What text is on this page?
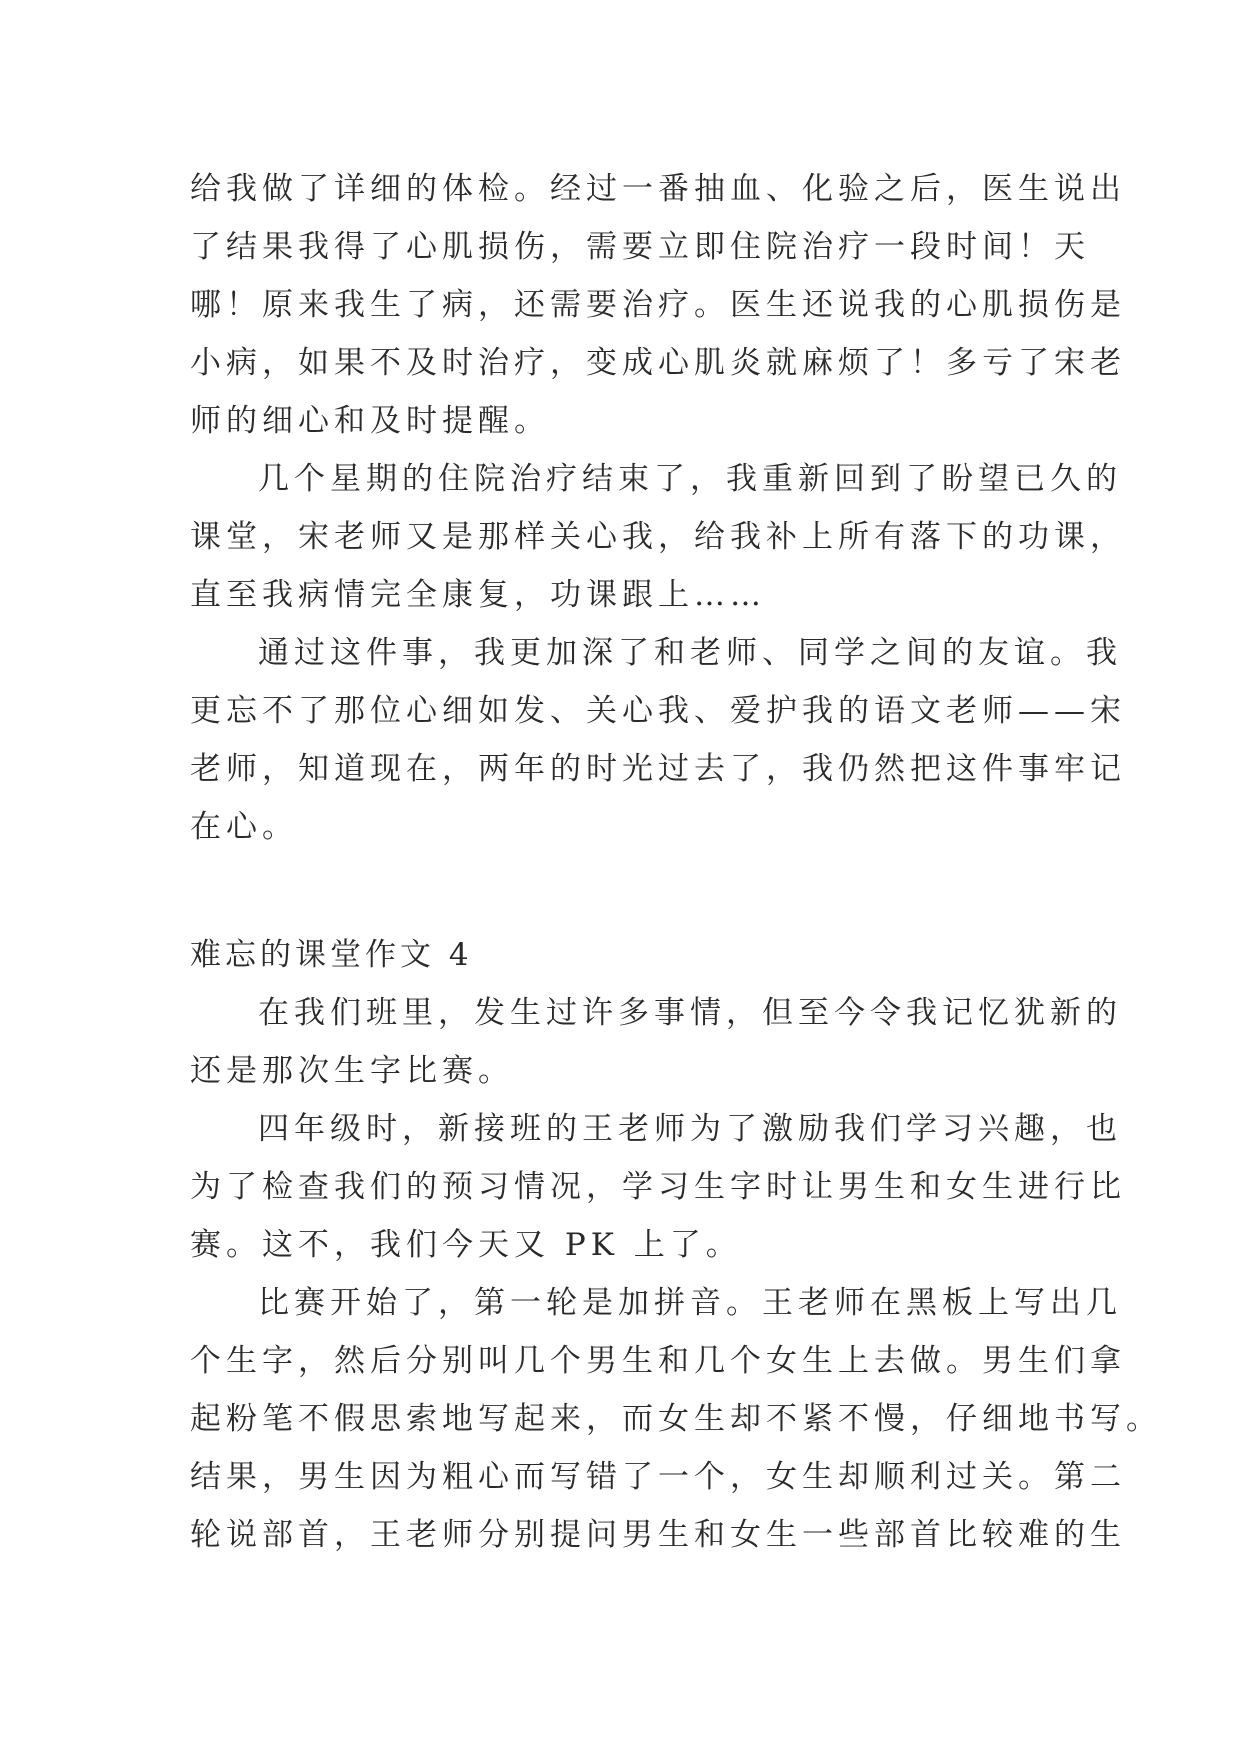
给我做了详细的体检。经过一番抽血、化验之后，医生说出
了结果我得了心肌损伤，需要立即住院治疗一段时间！天
哪！原来我生了病，还需要治疗。医生还说我的心肌损伤是
小病，如果不及时治疗，变成心肌炎就麻烦了！多亏了宋老
师的细心和及时提醒。
几个星期的住院治疗结束了，我重新回到了盼望已久的
课堂，宋老师又是那样关心我，给我补上所有落下的功课，
直至我病情完全康复，功课跟上……
通过这件事，我更加深了和老师、同学之间的友谊。我
更忘不了那位心细如发、关心我、爱护我的语文老师——宋
老师，知道现在，两年的时光过去了，我仍然把这件事牢记
在心。
难忘的课堂作文 4
在我们班里，发生过许多事情，但至今令我记忆犹新的
还是那次生字比赛。
四年级时，新接班的王老师为了激励我们学习兴趣，也
为了检查我们的预习情况，学习生字时让男生和女生进行比
赛。这不，我们今天又 PK 上了。
比赛开始了，第一轮是加拼音。王老师在黑板上写出几
个生字，然后分别叫几个男生和几个女生上去做。男生们拿
起粉笔不假思索地写起来，而女生却不紧不慢，仔细地书写。
结果，男生因为粗心而写错了一个，女生却顺利过关。第二
轮说部首，王老师分别提问男生和女生一些部首比较难的生
